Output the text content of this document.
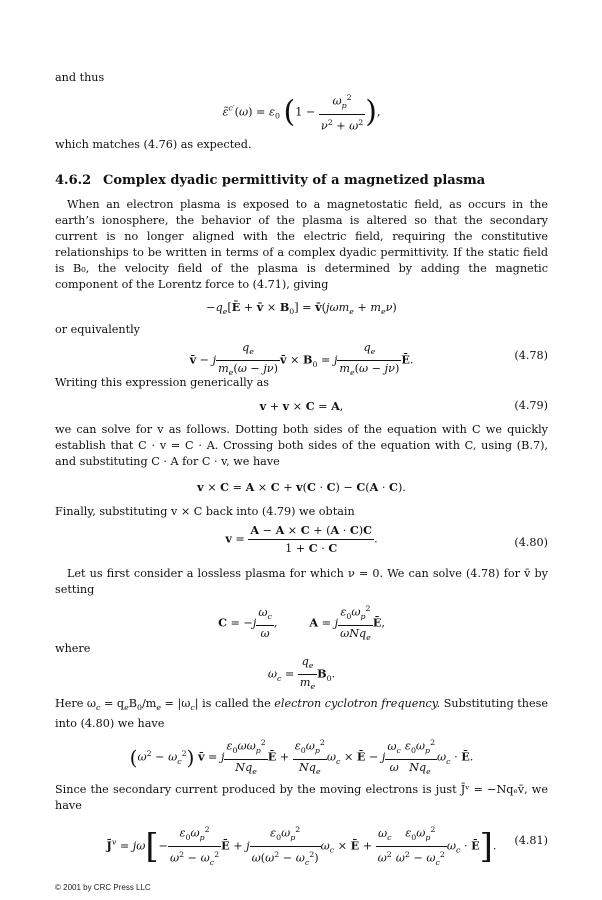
and thus

ε̃$^{c'}$(ω) = $\varepsilon_0$ ($1 - \frac{\omega_p^2}{\nu^2 + \omega^2}$ ),

which matches (4.76) as expected.

4.6.2 Complex dyadic permittivity of a magnetized plasma

When an electron plasma is exposed to a magnetostatic field, as occurs in the earth’s ionosphere, the behavior of the plasma is altered so that the secondary current is no longer aligned with the electric field, requiring the constitutive relationships to be written in terms of a complex dyadic permittivity. If the static field is B₀, the velocity field of the plasma is determined by adding the magnetic component of the Lorentz force to (4.71), giving

$-q_e[Ē$ + v̄ × $B_0$] = v̄(jωm$_e$ + $m_e\nu$)

or equivalently

v̄ − j $\frac{q_e}{m_e(\omega - j\nu)}$ v̄ × $B_0 = j \frac{q_e}{m_e(\omega - j\nu)}$ Ē.	(4.78)

Writing this expression generically as

v + v × C = A,	(4.79)

we can solve for v as follows. Dotting both sides of the equation with C we quickly establish that C · v = C · A. Crossing both sides of the equation with C, using (B.7), and substituting C · A for C · v, we have

v × C = A × C + v(C · C) − C(A · C).

Finally, substituting v × C back into (4.79) we obtain

$v = \frac{A - A \times C + (A \cdot C)C}{1 + C \cdot C}$ .	(4.80)

Let us first consider a lossless plasma for which ν = 0. We can solve (4.78) for v̄ by setting

$C = -j \frac{\omega_c}{\omega}$ ,         A = j $\frac{\varepsilon_0\omega_p^2}{\omega Nq_e}$ Ē,

where

$\omega_c = \frac{q_e}{m_e} B_0$.

Here $\omega_c = q_eB_0/m_e = |\omega_c|$ is called the electron cyclotron frequency. Substituting these into (4.80) we have

$(\omega^2 - \omega_c^2)$ v̄ = j $\frac{\varepsilon_0\omega\omega_p^2}{Nq_e}$ Ē + $\frac{\varepsilon_0\omega_p^2}{Nq_e} \omega_c$ × Ē − j $\frac{\omega_c}{\omega} \frac{\varepsilon_0\omega_p^2}{Nq_e} \omega_c$ · Ē.

Since the secondary current produced by the moving electrons is just J̄ᵛ = −Nqₑv̄, we have

J̄$^v$ = $j\omega[- \frac{\varepsilon_0\omega_p^2}{\omega^2 - \omega_c^2}$ Ē + j $\frac{\varepsilon_0\omega_p^2}{\omega(\omega^2 - \omega_c^2)} \omega_c$ × Ē + $\frac{\omega_c}{\omega^2} \frac{\varepsilon_0\omega_p^2}{\omega^2 - \omega_c^2} \omega_c$ · Ē].	(4.81)
© 2001 by CRC Press LLC
